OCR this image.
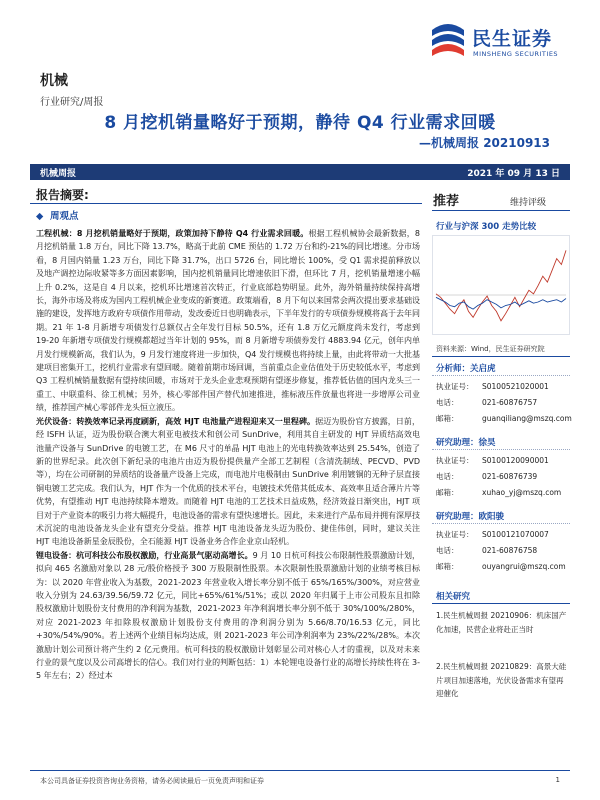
机械
行业研究/周报
民生证券
MINSHENG SECURITIES
8 月挖机销量略好于预期，静待 Q4 行业需求回暖
—机械周报 20210913
机械周报	2021 年 09 月 13 日
报告摘要:
◆ 周观点

工程机械：8 月挖机销量略好于预期，政策加持下静待 Q4 行业需求回暖。根据工程机械协会最新数据，8 月挖机销量 1.8 万台，同比下降 13.7%，略高于此前 CME 预估的 1.72 万台和约-21%的同比增速。分市场看，8 月国内销量 1.23 万台，同比下降 31.7%，出口 5726 台，同比增长 100%，受 Q1 需求提前释放以及地产调控边际收紧等多方面因素影响，国内挖机销量同比增速依旧下滑，但环比 7 月，挖机销量增速小幅上升 0.2%，这是自 4 月以来，挖机环比增速首次转正，行业底部趋势明显。此外，海外销量持续保持高增长，海外市场及将成为国内工程机械企业变成的新赛道。政策端看，8 月下旬以来国常会两次提出要求基础设施的建设，发挥地方政府专项债作用带动，发改委近日也明确表示，下半年发行的专项债券规模将高于去年同期。21 年 1-8 月新增专项债发行总额仅占全年发行目标 50.5%，还有 1.8 万亿元额度尚未发行，考虑到 19-20 年新增专项债发行规模都超过当年计划的 95%，而 8 月新增专项债券发行 4883.94 亿元，创年内单月发行规模新高，我们认为，9 月发行速度将进一步加快，Q4 发行规模也将持续上量，由此将带动一大批基建项目密集开工，挖机行业需求有望回暖。随着前期市场回调，当前重点企业估值处于历史较低水平，考虑到 Q3 工程机械销量数据有望持续回暖，市场对于龙头企业悲观预期有望逐步修复，推荐低估值的国内龙头三一重工、中联重科、徐工机械；另外，核心零部件国产替代加速推进，推标液压件放量也将进一步增厚公司业绩，推荐国产械心零部件龙头恒立液压。

光伏设备：转换效率记录再度刷新，高效 HJT 电池量产进程迎来又一里程碑。据迈为股份官方披露，日前，经 ISFH 认证，迈为股份联合澳大利亚电被技术和创公司 SunDrive，利用其自主研发的 HJT 异质结高效电池量产设备与 SunDrive 的电镀工艺，在 M6 尺寸的单晶 HJT 电池上的光电转换效率达到 25.54%，创造了新的世界纪录。此次创下新纪录的电池片由迈为股份提供量产全部工艺制程（含清洗制绒、PECVD、PVD 等），均在公司研制的异质结的设备量产设备上完成，而电池片电极制由 SunDrive 利用镀铜的无种子层直接铜电镀工艺完成。我们认为，HJT 作为一个优质的技术平台，电镀技术凭借其低成本、高效率且适合薄片片等优势，有望推动 HJT 电池持续降本增效。而随着 HJT 电池的工艺技术日益成熟，经济效益日渐突出，HJT 项目对于产业资本的吸引力将大幅提升，电池设备的需求有望快速增长。因此，未来进行产品布局并拥有深厚技术沉淀的电池设备龙头企业有望充分受益。推荐 HJT 电池设备龙头迈为股份、捷佳伟创，同时，建议关注 HJT 电池设备新星金辰股份，全石能源 HJT 设备业务合作企业京山轻机。

锂电设备：杭可科技公布股权激励，行业高景气驱动高增长。9 月 10 日杭可科技公布限制性股票激励计划，拟向 465 名激励对象以 28 元/股价格授予 300 万股限制性股票。本次限制性股票激励计划的业绩考核目标为：以 2020 年营业收入为基数，2021-2023 年营业收入增长率分别不低于 65%/165%/300%，对应营业收入分别为 24.63/39.56/59.72 亿元，同比+65%/61%/51%；或以 2020 年归属于上市公司股东且扣除股权激励计划股份支付费用的净利润为基数，2021-2023 年净利润增长率分别不低于 30%/100%/280%，对应 2021-2023 年扣除股权激励计划股份支付费用的净利润分别为 5.66/8.70/16.53 亿元，同比+30%/54%/90%。若上述两个业绩目标均达成，则 2021-2023 年公司净利润率为 23%/22%/28%。本次激励计划公司预计将产生约 2 亿元费用。杭可科技的股权激励计划彰显公司对核心人才的重视，以及对未来行业的景气度以及公司高增长的信心。我们对行业的判断包括：1）本轮锂电设备行业的高增长持续性将在 3-5 年左右；2）经过本

推荐	维持评级
行业与沪深 300 走势比较
资料来源：Wind，民生证券研究院
分析师：关启虎
执业证号： S0100521020001
电话：	021-60876757
邮箱：	guanqiliang@mszq.com
研究助理：徐昊
执业证号： S0100120090001
电话：	021-60876739
邮箱：	xuhao_yj@mszq.com
研究助理：欧阳骏
执业证号： S0100121070007
电话：	021-60876758
邮箱：	ouyangrui@mszq.com
相关研究
1.民生机械周报 20210906：机床国产化加速，民营企业将赴正当时
2.民生机械周报 20210829：高景大硅片项目加速落地，光伏设备需求有望再迎催化
本公司具备证券投资咨询业务资格，请务必阅读最后一页免责声明和证券	1
